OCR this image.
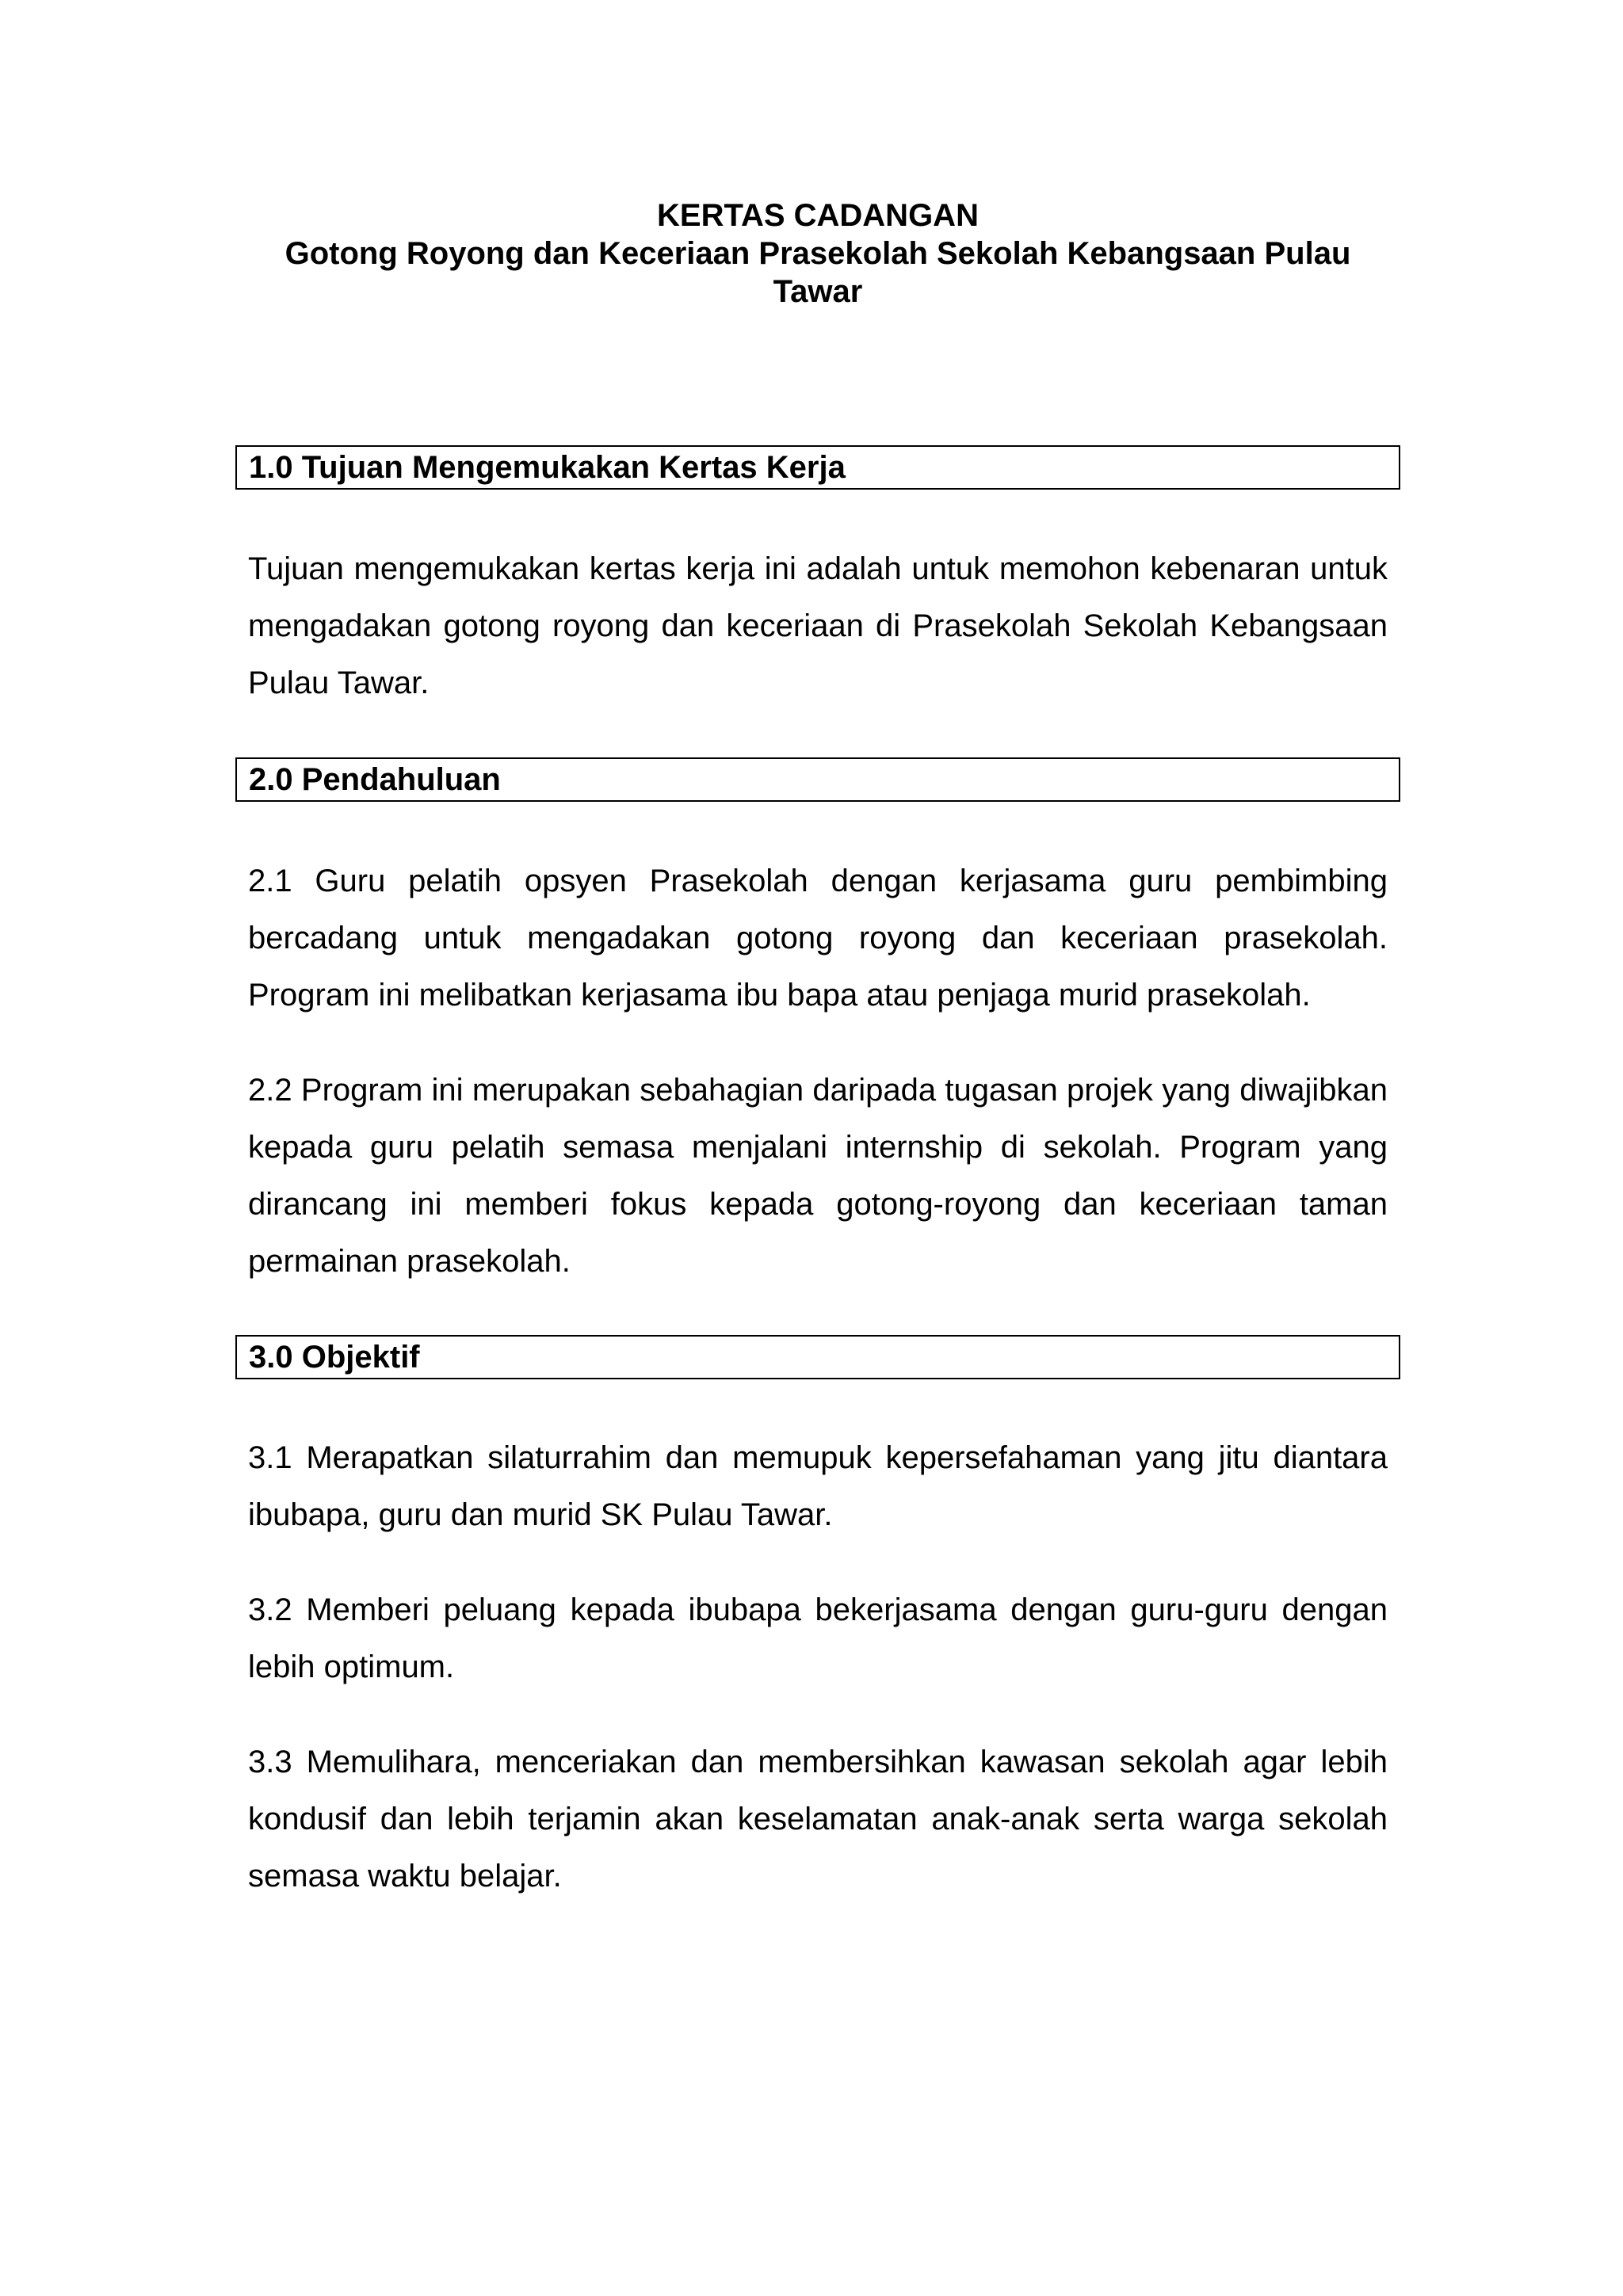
KERTAS CADANGAN
Gotong Royong dan Keceriaan Prasekolah Sekolah Kebangsaan Pulau
Tawar
1.0 Tujuan Mengemukakan Kertas Kerja

Tujuan mengemukakan kertas kerja ini adalah untuk memohon kebenaran untuk mengadakan gotong royong dan keceriaan di Prasekolah Sekolah Kebangsaan Pulau Tawar.

2.0 Pendahuluan

2.1 Guru pelatih opsyen Prasekolah dengan kerjasama guru pembimbing bercadang untuk mengadakan gotong royong dan keceriaan prasekolah. Program ini melibatkan kerjasama ibu bapa atau penjaga murid prasekolah.

2.2 Program ini merupakan sebahagian daripada tugasan projek yang diwajibkan kepada guru pelatih semasa menjalani internship di sekolah. Program yang dirancang ini memberi fokus kepada gotong-royong dan keceriaan taman permainan prasekolah.

3.0 Objektif

3.1 Merapatkan silaturrahim dan memupuk kepersefahaman yang jitu diantara ibubapa, guru dan murid SK Pulau Tawar.

3.2 Memberi peluang kepada ibubapa bekerjasama dengan guru-guru dengan lebih optimum.

3.3 Memulihara, menceriakan dan membersihkan kawasan sekolah agar lebih kondusif dan lebih terjamin akan keselamatan anak-anak serta warga sekolah semasa waktu belajar.
